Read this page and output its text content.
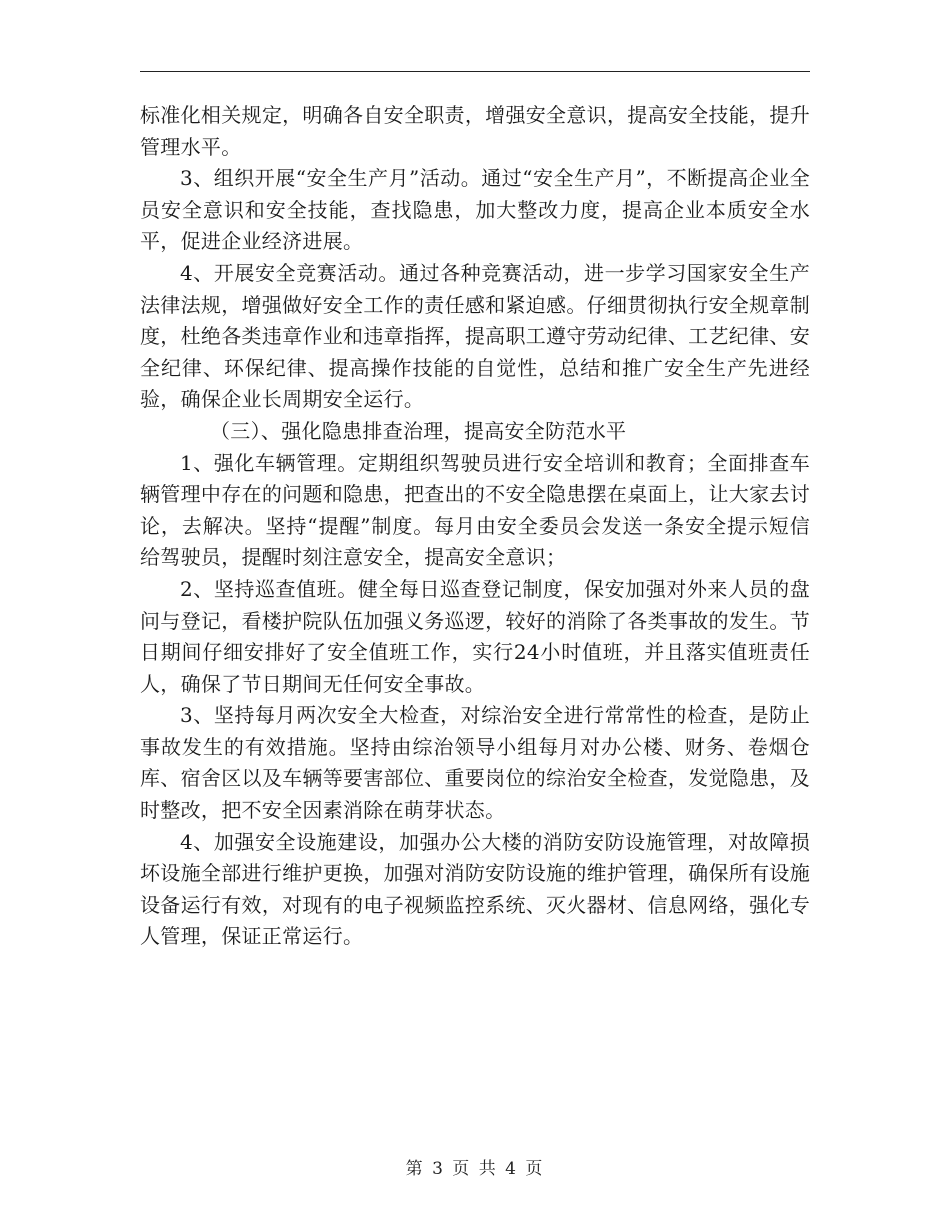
标准化相关规定，明确各自安全职责，增强安全意识，提高安全技能，提升管理水平。

3、组织开展“安全生产月”活动。通过“安全生产月”，不断提高企业全员安全意识和安全技能，查找隐患，加大整改力度，提高企业本质安全水平，促进企业经济进展。

4、开展安全竞赛活动。通过各种竞赛活动，进一步学习国家安全生产法律法规，增强做好安全工作的责任感和紧迫感。仔细贯彻执行安全规章制度，杜绝各类违章作业和违章指挥，提高职工遵守劳动纪律、工艺纪律、安全纪律、环保纪律、提高操作技能的自觉性，总结和推广安全生产先进经验，确保企业长周期安全运行。

（三）、强化隐患排查治理，提高安全防范水平

1、强化车辆管理。定期组织驾驶员进行安全培训和教育；全面排查车辆管理中存在的问题和隐患，把查出的不安全隐患摆在桌面上，让大家去讨论，去解决。坚持“提醒”制度。每月由安全委员会发送一条安全提示短信给驾驶员，提醒时刻注意安全，提高安全意识；

2、坚持巡查值班。健全每日巡查登记制度，保安加强对外来人员的盘问与登记，看楼护院队伍加强义务巡逻，较好的消除了各类事故的发生。节日期间仔细安排好了安全值班工作，实行24小时值班，并且落实值班责任人，确保了节日期间无任何安全事故。

3、坚持每月两次安全大检查，对综治安全进行常常性的检查，是防止事故发生的有效措施。坚持由综治领导小组每月对办公楼、财务、卷烟仓库、宿舍区以及车辆等要害部位、重要岗位的综治安全检查，发觉隐患，及时整改，把不安全因素消除在萌芽状态。

4、加强安全设施建设，加强办公大楼的消防安防设施管理，对故障损坏设施全部进行维护更换，加强对消防安防设施的维护管理，确保所有设施设备运行有效，对现有的电子视频监控系统、灭火器材、信息网络，强化专人管理，保证正常运行。

第 3 页 共 4 页
